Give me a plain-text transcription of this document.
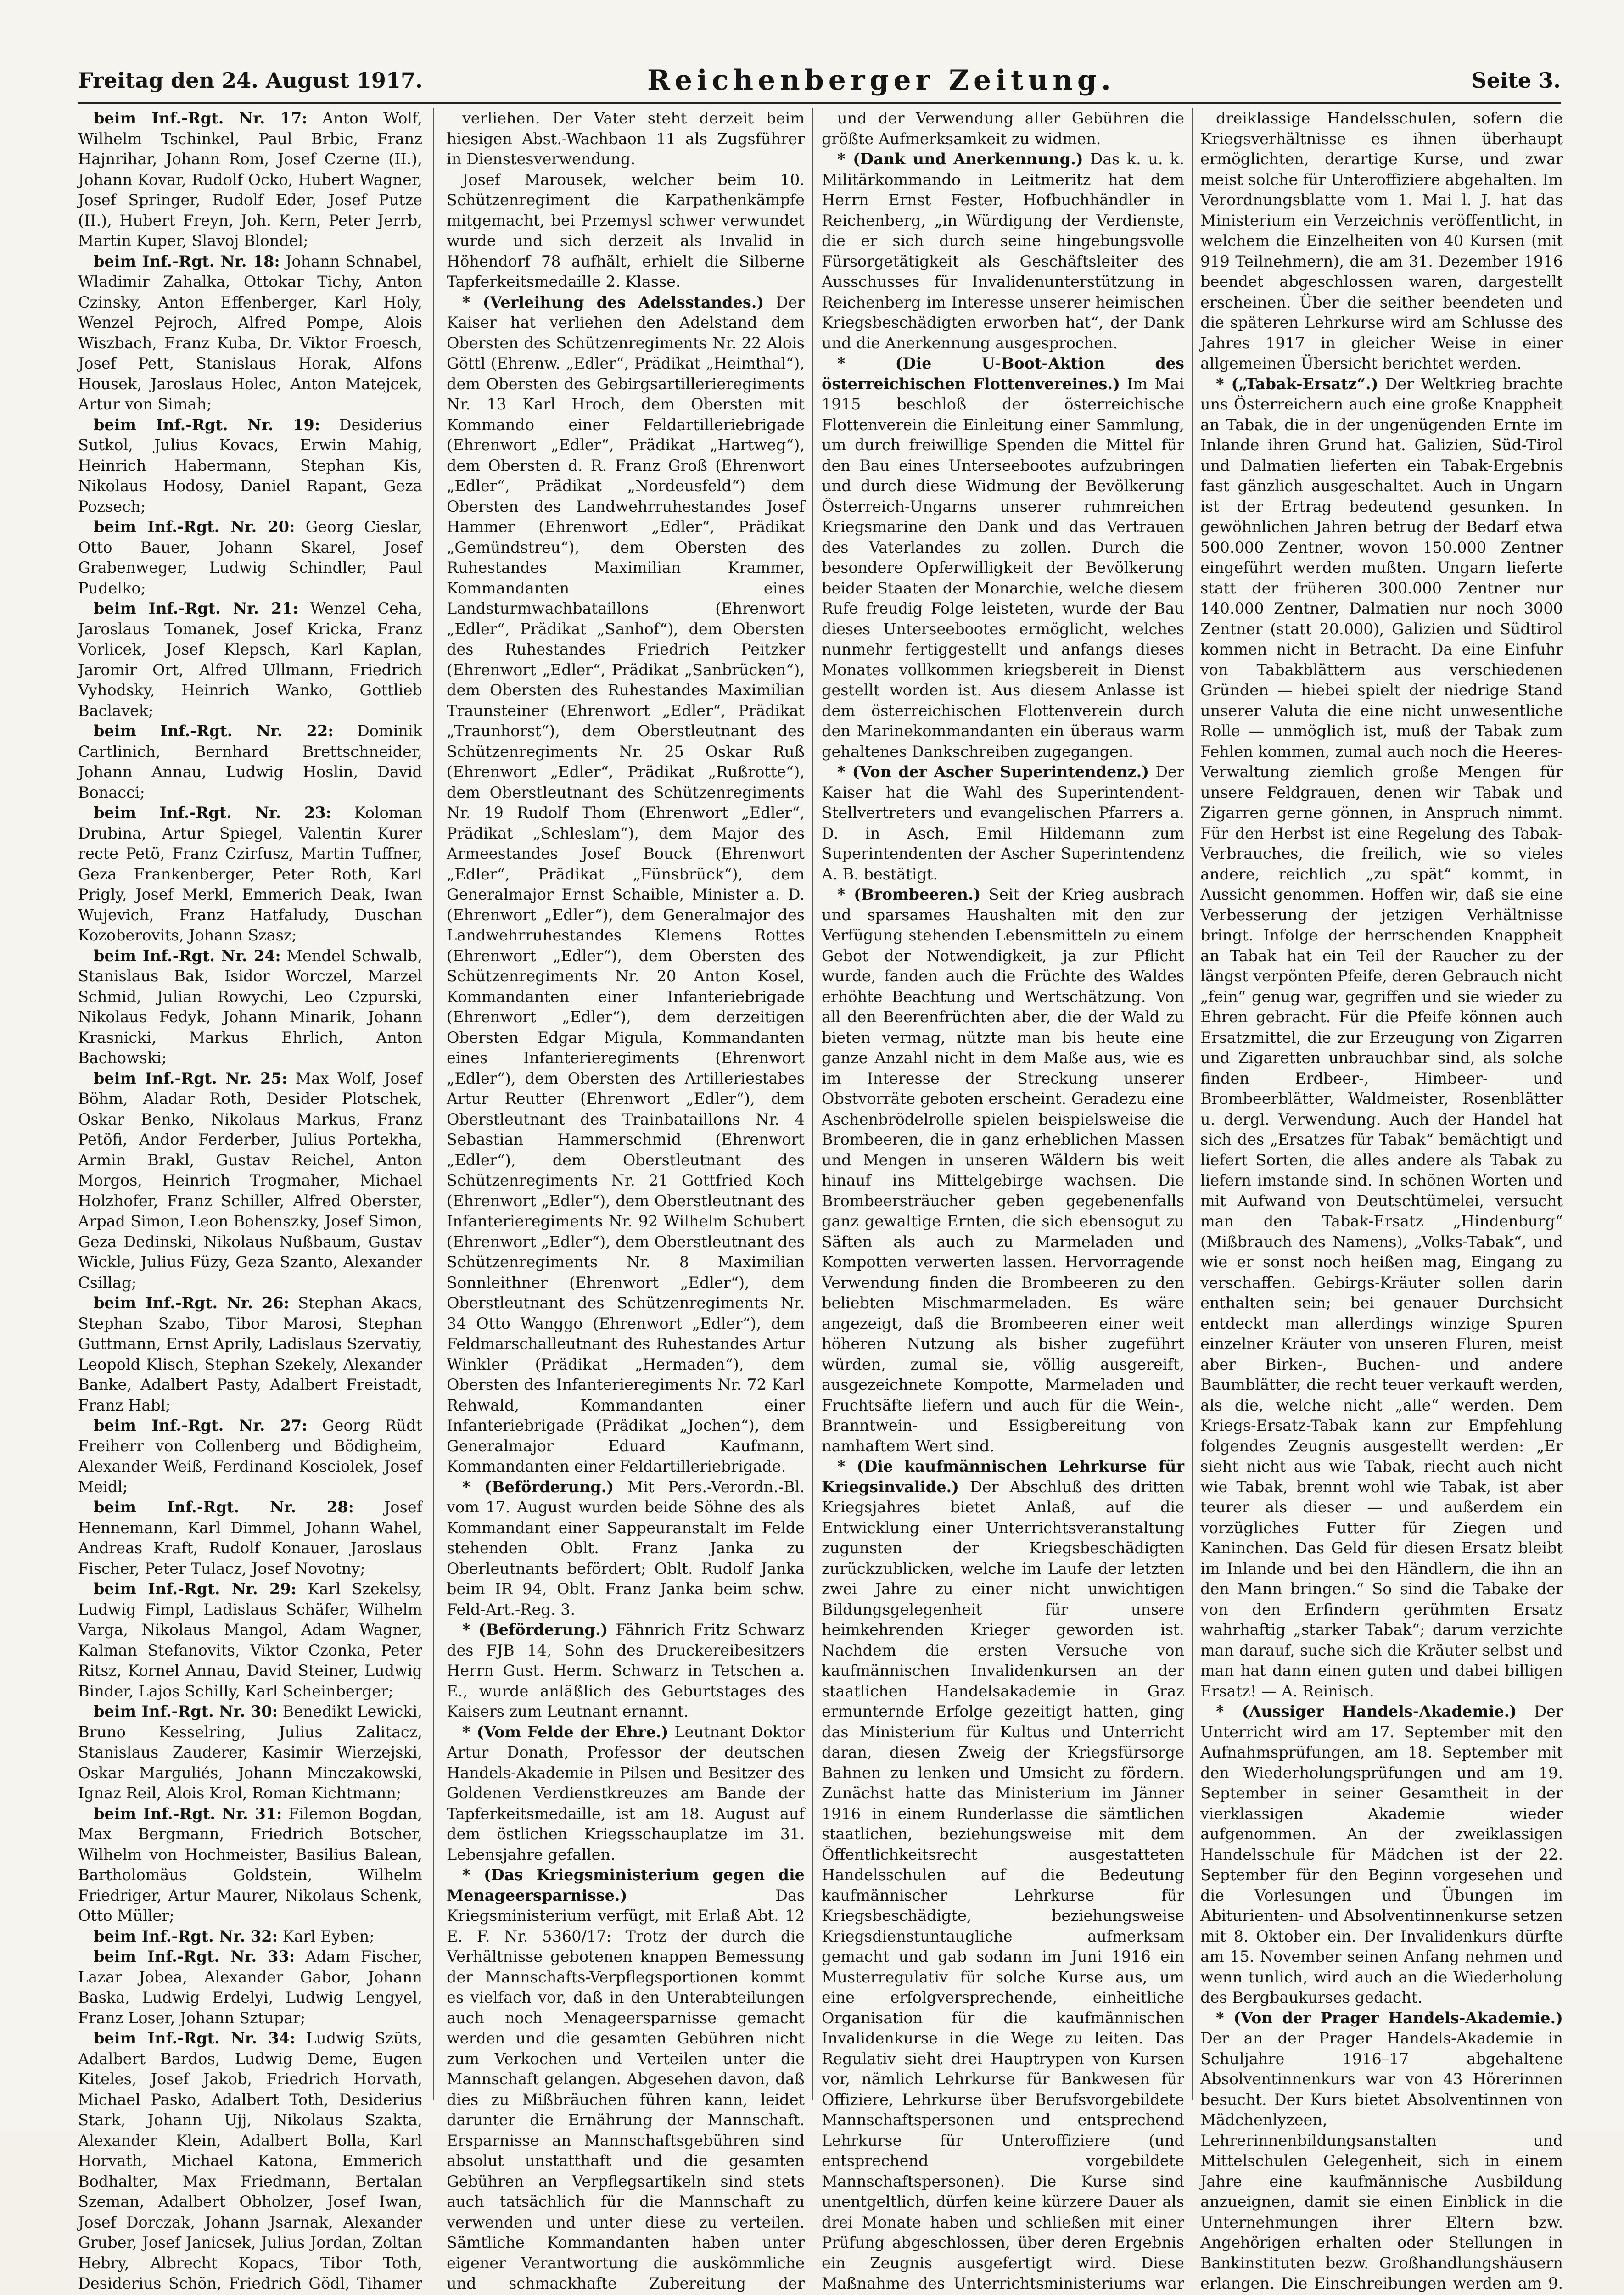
Freitag den 24. August 1917.	Reichenberger Zeitung.	Seite 3.

beim Inf.-Rgt. Nr. 17: Anton Wolf, Wilhelm Tschinkel, Paul Brbic, Franz Hajnrihar, Johann Rom, Josef Czerne (II.), Johann Kovar, Rudolf Ocko, Hubert Wagner, Josef Springer, Rudolf Eder, Josef Putze (II.), Hubert Freyn, Joh. Kern, Peter Jerrb, Martin Kuper, Slavoj Blondel;

beim Inf.-Rgt. Nr. 18: Johann Schnabel, Wladimir Zahalka, Ottokar Tichy, Anton Czinsky, Anton Effenberger, Karl Holy, Wenzel Pejroch, Alfred Pompe, Alois Wiszbach, Franz Kuba, Dr. Viktor Froesch, Josef Pett, Stanislaus Horak, Alfons Housek, Jaroslaus Holec, Anton Matejcek, Artur von Simah;

beim Inf.-Rgt. Nr. 19: Desiderius Sutkol, Julius Kovacs, Erwin Mahig, Heinrich Habermann, Stephan Kis, Nikolaus Hodosy, Daniel Rapant, Geza Pozsech;

beim Inf.-Rgt. Nr. 20: Georg Cieslar, Otto Bauer, Johann Skarel, Josef Grabenweger, Ludwig Schindler, Paul Pudelko;

beim Inf.-Rgt. Nr. 21: Wenzel Ceha, Jaroslaus Tomanek, Josef Kricka, Franz Vorlicek, Josef Klepsch, Karl Kaplan, Jaromir Ort, Alfred Ullmann, Friedrich Vyhodsky, Heinrich Wanko, Gottlieb Baclavek;

beim Inf.-Rgt. Nr. 22: Dominik Cartlinich, Bernhard Brettschneider, Johann Annau, Ludwig Hoslin, David Bonacci;

beim Inf.-Rgt. Nr. 23: Koloman Drubina, Artur Spiegel, Valentin Kurer recte Petö, Franz Czirfusz, Martin Tuffner, Geza Frankenberger, Peter Roth, Karl Prigly, Josef Merkl, Emmerich Deak, Iwan Wujevich, Franz Hatfaludy, Duschan Kozoberovits, Johann Szasz;

beim Inf.-Rgt. Nr. 24: Mendel Schwalb, Stanislaus Bak, Isidor Worczel, Marzel Schmid, Julian Rowychi, Leo Czpurski, Nikolaus Fedyk, Johann Minarik, Johann Krasnicki, Markus Ehrlich, Anton Bachowski;

beim Inf.-Rgt. Nr. 25: Max Wolf, Josef Böhm, Aladar Roth, Desider Plotschek, Oskar Benko, Nikolaus Markus, Franz Petöfi, Andor Ferderber, Julius Portekha, Armin Brakl, Gustav Reichel, Anton Morgos, Heinrich Trogmaher, Michael Holzhofer, Franz Schiller, Alfred Oberster, Arpad Simon, Leon Bohenszky, Josef Simon, Geza Dedinski, Nikolaus Nußbaum, Gustav Wickle, Julius Füzy, Geza Szanto, Alexander Csillag;

beim Inf.-Rgt. Nr. 26: Stephan Akacs, Stephan Szabo, Tibor Marosi, Stephan Guttmann, Ernst Aprily, Ladislaus Szervatiy, Leopold Klisch, Stephan Szekely, Alexander Banke, Adalbert Pasty, Adalbert Freistadt, Franz Habl;

beim Inf.-Rgt. Nr. 27: Georg Rüdt Freiherr von Collenberg und Bödigheim, Alexander Weiß, Ferdinand Kosciolek, Josef Meidl;

beim Inf.-Rgt. Nr. 28: Josef Hennemann, Karl Dimmel, Johann Wahel, Andreas Kraft, Rudolf Konauer, Jaroslaus Fischer, Peter Tulacz, Josef Novotny;

beim Inf.-Rgt. Nr. 29: Karl Szekelsy, Ludwig Fimpl, Ladislaus Schäfer, Wilhelm Varga, Nikolaus Mangol, Adam Wagner, Kalman Stefanovits, Viktor Czonka, Peter Ritsz, Kornel Annau, David Steiner, Ludwig Binder, Lajos Schilly, Karl Scheinberger;

beim Inf.-Rgt. Nr. 30: Benedikt Lewicki, Bruno Kesselring, Julius Zalitacz, Stanislaus Zauderer, Kasimir Wierzejski, Oskar Marguliés, Johann Minczakowski, Ignaz Reil, Alois Krol, Roman Kichtmann;

beim Inf.-Rgt. Nr. 31: Filemon Bogdan, Max Bergmann, Friedrich Botscher, Wilhelm von Hochmeister, Basilius Balean, Bartholomäus Goldstein, Wilhelm Friedriger, Artur Maurer, Nikolaus Schenk, Otto Müller;

beim Inf.-Rgt. Nr. 32: Karl Eyben;

beim Inf.-Rgt. Nr. 33: Adam Fischer, Lazar Jobea, Alexander Gabor, Johann Baska, Ludwig Erdelyi, Ludwig Lengyel, Franz Loser, Johann Sztupar;

beim Inf.-Rgt. Nr. 34: Ludwig Szüts, Adalbert Bardos, Ludwig Deme, Eugen Kiteles, Josef Jakob, Friedrich Horvath, Michael Pasko, Adalbert Toth, Desiderius Stark, Johann Ujj, Nikolaus Szakta, Alexander Klein, Adalbert Bolla, Karl Horvath, Michael Katona, Emmerich Bodhalter, Max Friedmann, Bertalan Szeman, Adalbert Obholzer, Josef Iwan, Josef Dorczak, Johann Jsarnak, Alexander Gruber, Josef Janicsek, Julius Jordan, Zoltan Hebry, Albrecht Kopacs, Tibor Toth, Desiderius Schön, Friedrich Gödl, Tihamer

verliehen. Der Vater steht derzeit beim hiesigen Abst.-Wachbaon 11 als Zugsführer in Dienstesverwendung.

Josef Marousek, welcher beim 10. Schützenregiment die Karpathenkämpfe mitgemacht, bei Przemysl schwer verwundet wurde und sich derzeit als Invalid in Höhendorf 78 aufhält, erhielt die Silberne Tapferkeitsmedaille 2. Klasse.

* (Verleihung des Adelsstandes.) Der Kaiser hat verliehen den Adelstand dem Obersten des Schützenregiments Nr. 22 Alois Göttl (Ehrenw. „Edler“, Prädikat „Heimthal“), dem Obersten des Gebirgsartillerieregiments Nr. 13 Karl Hroch, dem Obersten mit Kommando einer Feldartilleriebrigade (Ehrenwort „Edler“, Prädikat „Hartweg“), dem Obersten d. R. Franz Groß (Ehrenwort „Edler“, Prädikat „Nordeusfeld“) dem Obersten des Landwehrruhestandes Josef Hammer (Ehrenwort „Edler“, Prädikat „Gemündstreu“), dem Obersten des Ruhestandes Maximilian Krammer, Kommandanten eines Landsturmwachbataillons (Ehrenwort „Edler“, Prädikat „Sanhof“), dem Obersten des Ruhestandes Friedrich Peitzker (Ehrenwort „Edler“, Prädikat „Sanbrücken“), dem Obersten des Ruhestandes Maximilian Traunsteiner (Ehrenwort „Edler“, Prädikat „Traunhorst“), dem Oberstleutnant des Schützenregiments Nr. 25 Oskar Ruß (Ehrenwort „Edler“, Prädikat „Rußrotte“), dem Oberstleutnant des Schützenregiments Nr. 19 Rudolf Thom (Ehrenwort „Edler“, Prädikat „Schleslam“), dem Major des Armeestandes Josef Bouck (Ehrenwort „Edler“, Prädikat „Fünsbrück“), dem Generalmajor Ernst Schaible, Minister a. D. (Ehrenwort „Edler“), dem Generalmajor des Landwehrruhestandes Klemens Rottes (Ehrenwort „Edler“), dem Obersten des Schützenregiments Nr. 20 Anton Kosel, Kommandanten einer Infanteriebrigade (Ehrenwort „Edler“), dem derzeitigen Obersten Edgar Migula, Kommandanten eines Infanterieregiments (Ehrenwort „Edler“), dem Obersten des Artilleriestabes Artur Reutter (Ehrenwort „Edler“), dem Oberstleutnant des Trainbataillons Nr. 4 Sebastian Hammerschmid (Ehrenwort „Edler“), dem Oberstleutnant des Schützenregiments Nr. 21 Gottfried Koch (Ehrenwort „Edler“), dem Oberstleutnant des Infanterieregiments Nr. 92 Wilhelm Schubert (Ehrenwort „Edler“), dem Oberstleutnant des Schützenregiments Nr. 8 Maximilian Sonnleithner (Ehrenwort „Edler“), dem Oberstleutnant des Schützenregiments Nr. 34 Otto Wanggo (Ehrenwort „Edler“), dem Feldmarschalleutnant des Ruhestandes Artur Winkler (Prädikat „Hermaden“), dem Obersten des Infanterieregiments Nr. 72 Karl Rehwald, Kommandanten einer Infanteriebrigade (Prädikat „Jochen“), dem Generalmajor Eduard Kaufmann, Kommandanten einer Feldartilleriebrigade.

* (Beförderung.) Mit Pers.-Verordn.-Bl. vom 17. August wurden beide Söhne des als Kommandant einer Sappeuranstalt im Felde stehenden Oblt. Franz Janka zu Oberleutnants befördert; Oblt. Rudolf Janka beim IR 94, Oblt. Franz Janka beim schw. Feld-Art.-Reg. 3.

* (Beförderung.) Fähnrich Fritz Schwarz des FJB 14, Sohn des Druckereibesitzers Herrn Gust. Herm. Schwarz in Tetschen a. E., wurde anläßlich des Geburtstages des Kaisers zum Leutnant ernannt.

* (Vom Felde der Ehre.) Leutnant Doktor Artur Donath, Professor der deutschen Handels-Akademie in Pilsen und Besitzer des Goldenen Verdienstkreuzes am Bande der Tapferkeitsmedaille, ist am 18. August auf dem östlichen Kriegsschauplatze im 31. Lebensjahre gefallen.

* (Das Kriegsministerium gegen die Menageersparnisse.)	Das Kriegsministerium verfügt, mit Erlaß Abt. 12 E. F. Nr. 5360/17: Trotz der durch die Verhältnisse gebotenen knappen Bemessung der Mannschafts-Verpflegsportionen kommt es vielfach vor, daß in den Unterabteilungen auch noch Menageersparnisse gemacht werden und die gesamten Gebühren nicht zum Verkochen und Verteilen unter die Mannschaft gelangen. Abgesehen davon, daß dies zu Mißbräuchen führen kann, leidet darunter die Ernährung der Mannschaft. Ersparnisse an Mannschaftsgebühren sind absolut unstatthaft und die gesamten Gebühren an Verpflegsartikeln sind stets auch tatsächlich für die Mannschaft zu verwenden und unter diese zu verteilen. Sämtliche Kommandanten haben unter eigener Verantwortung die auskömmliche und schmackhafte Zubereitung der

und der Verwendung aller Gebühren die größte Aufmerksamkeit zu widmen.

* (Dank und Anerkennung.) Das k. u. k. Militärkommando in Leitmeritz hat dem Herrn Ernst Fester, Hofbuchhändler in Reichenberg, „in Würdigung der Verdienste, die er sich durch seine hingebungsvolle Fürsorgetätigkeit als Geschäftsleiter des Ausschusses für Invalidenunterstützung in Reichenberg im Interesse unserer heimischen Kriegsbeschädigten erworben hat“, der Dank und die Anerkennung ausgesprochen.

* (Die U-Boot-Aktion des österreichischen Flottenvereines.) Im Mai 1915 beschloß der österreichische Flottenverein die Einleitung einer Sammlung, um durch freiwillige Spenden die Mittel für den Bau eines Unterseebootes aufzubringen und durch diese Widmung der Bevölkerung Österreich-Ungarns unserer ruhmreichen Kriegsmarine den Dank und das Vertrauen des Vaterlandes zu zollen. Durch die besondere Opferwilligkeit der Bevölkerung beider Staaten der Monarchie, welche diesem Rufe freudig Folge leisteten, wurde der Bau dieses Unterseebootes ermöglicht, welches nunmehr fertiggestellt und anfangs dieses Monates vollkommen kriegsbereit in Dienst gestellt worden ist. Aus diesem Anlasse ist dem österreichischen Flottenverein durch den Marinekommandanten ein überaus warm gehaltenes Dankschreiben zugegangen.

* (Von der Ascher Superintendenz.) Der Kaiser hat die Wahl des Superintendent-Stellvertreters und evangelischen Pfarrers a. D. in Asch, Emil Hildemann zum Superintendenten der Ascher Superintendenz A. B. bestätigt.

* (Brombeeren.) Seit der Krieg ausbrach und sparsames Haushalten mit den zur Verfügung stehenden Lebensmitteln zu einem Gebot der Notwendigkeit, ja zur Pflicht wurde, fanden auch die Früchte des Waldes erhöhte Beachtung und Wertschätzung. Von all den Beerenfrüchten aber, die der Wald zu bieten vermag, nützte man bis heute eine ganze Anzahl nicht in dem Maße aus, wie es im Interesse der Streckung unserer Obstvorräte geboten erscheint. Geradezu eine Aschenbrödelrolle spielen beispielsweise die Brombeeren, die in ganz erheblichen Massen und Mengen in unseren Wäldern bis weit hinauf ins Mittelgebirge wachsen. Die Brombeersträucher geben gegebenenfalls ganz gewaltige Ernten, die sich ebensogut zu Säften als auch zu Marmeladen und Kompotten verwerten lassen. Hervorragende Verwendung finden die Brombeeren zu den beliebten Mischmarmeladen. Es wäre angezeigt, daß die Brombeeren einer weit höheren Nutzung als bisher zugeführt würden, zumal sie, völlig ausgereift, ausgezeichnete Kompotte, Marmeladen und Fruchtsäfte liefern und auch für die Wein-, Branntwein- und Essigbereitung von namhaftem Wert sind.

* (Die kaufmännischen Lehrkurse für Kriegsinvalide.) Der Abschluß des dritten Kriegsjahres bietet Anlaß, auf die Entwicklung einer Unterrichtsveranstaltung zugunsten der Kriegsbeschädigten zurückzublicken, welche im Laufe der letzten zwei Jahre zu einer nicht unwichtigen Bildungsgelegenheit für unsere heimkehrenden Krieger geworden ist. Nachdem die ersten Versuche von kaufmännischen Invalidenkursen an der staatlichen Handelsakademie in Graz ermunternde Erfolge gezeitigt hatten, ging das Ministerium für Kultus und Unterricht daran, diesen Zweig der Kriegsfürsorge Bahnen zu lenken und Umsicht zu fördern. Zunächst hatte das Ministerium im Jänner 1916 in einem Runderlasse die sämtlichen staatlichen, beziehungsweise mit dem Öffentlichkeitsrecht ausgestatteten Handelsschulen auf die Bedeutung kaufmännischer Lehrkurse für Kriegsbeschädigte, beziehungsweise Kriegsdienstuntaugliche aufmerksam gemacht und gab sodann im Juni 1916 ein Musterregulativ für solche Kurse aus, um eine erfolgversprechende, einheitliche Organisation für die kaufmännischen Invalidenkurse in die Wege zu leiten. Das Regulativ sieht drei Hauptrypen von Kursen vor, nämlich Lehrkurse für Bankwesen für Offiziere, Lehrkurse über Berufsvorgebildete Mannschaftspersonen und entsprechend Lehrkurse für Unteroffiziere (und entsprechend vorgebildete Mannschaftspersonen). Die Kurse sind unentgeltlich, dürfen keine kürzere Dauer als drei Monate haben und schließen mit einer Prüfung abgeschlossen, über deren Ergebnis ein Zeugnis ausgefertigt wird. Diese Maßnahme des Unterrichtsministeriums war

dreiklassige Handelsschulen, sofern die Kriegsverhältnisse es ihnen überhaupt ermöglichten, derartige Kurse, und zwar meist solche für Unteroffiziere abgehalten. Im Verordnungsblatte vom 1. Mai l. J. hat das Ministerium ein Verzeichnis veröffentlicht, in welchem die Einzelheiten von 40 Kursen (mit 919 Teilnehmern), die am 31. Dezember 1916 beendet abgeschlossen waren, dargestellt erscheinen. Über die seither beendeten und die späteren Lehrkurse wird am Schlusse des Jahres 1917 in gleicher Weise in einer allgemeinen Übersicht berichtet werden.

* („Tabak-Ersatz“.) Der Weltkrieg brachte uns Österreichern auch eine große Knappheit an Tabak, die in der ungenügenden Ernte im Inlande ihren Grund hat. Galizien, Süd-Tirol und Dalmatien lieferten ein Tabak-Ergebnis fast gänzlich ausgeschaltet. Auch in Ungarn ist der Ertrag bedeutend gesunken. In gewöhnlichen Jahren betrug der Bedarf etwa 500.000 Zentner, wovon 150.000 Zentner eingeführt werden mußten. Ungarn lieferte statt der früheren 300.000 Zentner nur 140.000 Zentner, Dalmatien nur noch 3000 Zentner (statt 20.000), Galizien und Südtirol kommen nicht in Betracht. Da eine Einfuhr von Tabakblättern aus verschiedenen Gründen — hiebei spielt der niedrige Stand unserer Valuta die eine nicht unwesentliche Rolle — unmöglich ist, muß der Tabak zum Fehlen kommen, zumal auch noch die Heeres-Verwaltung ziemlich große Mengen für unsere Feldgrauen, denen wir Tabak und Zigarren gerne gönnen, in Anspruch nimmt. Für den Herbst ist eine Regelung des Tabak-Verbrauches, die freilich, wie so vieles andere, reichlich „zu spät“ kommt, in Aussicht genommen. Hoffen wir, daß sie eine Verbesserung der jetzigen Verhältnisse bringt. Infolge der herrschenden Knappheit an Tabak hat ein Teil der Raucher zu der längst verpönten Pfeife, deren Gebrauch nicht „fein“ genug war, gegriffen und sie wieder zu Ehren gebracht. Für die Pfeife können auch Ersatzmittel, die zur Erzeugung von Zigarren und Zigaretten unbrauchbar sind, als solche finden Erdbeer-, Himbeer- und Brombeerblätter, Waldmeister, Rosenblätter u. dergl. Verwendung. Auch der Handel hat sich des „Ersatzes für Tabak“ bemächtigt und liefert Sorten, die alles andere als Tabak zu liefern imstande sind. In schönen Worten und mit Aufwand von Deutschtümelei, versucht man den Tabak-Ersatz „Hindenburg“ (Mißbrauch des Namens), „Volks-Tabak“, und wie er sonst noch heißen mag, Eingang zu verschaffen. Gebirgs-Kräuter sollen darin enthalten sein; bei genauer Durchsicht entdeckt man allerdings winzige Spuren einzelner Kräuter von unseren Fluren, meist aber Birken-, Buchen- und andere Baumblätter, die recht teuer verkauft werden, als die, welche nicht „alle“ werden. Dem Kriegs-Ersatz-Tabak kann zur Empfehlung folgendes Zeugnis ausgestellt werden: „Er sieht nicht aus wie Tabak, riecht auch nicht wie Tabak, brennt wohl wie Tabak, ist aber teurer als dieser — und außerdem ein vorzügliches Futter für Ziegen und Kaninchen. Das Geld für diesen Ersatz bleibt im Inlande und bei den Händlern, die ihn an den Mann bringen.“ So sind die Tabake der von den Erfindern gerühmten Ersatz wahrhaftig „starker Tabak“; darum verzichte man darauf, suche sich die Kräuter selbst und man hat dann einen guten und dabei billigen Ersatz! — A. Reinisch.

* (Aussiger Handels-Akademie.) Der Unterricht wird am 17. September mit den Aufnahmsprüfungen, am 18. September mit den Wiederholungsprüfungen und am 19. September in seiner Gesamtheit in der vierklassigen Akademie wieder aufgenommen. An der zweiklassigen Handelsschule für Mädchen ist der 22. September für den Beginn vorgesehen und die Vorlesungen und Übungen im Abiturienten- und Absolventinnenkurse setzen mit 8. Oktober ein. Der Invalidenkurs dürfte am 15. November seinen Anfang nehmen und wenn tunlich, wird auch an die Wiederholung des Bergbaukurses gedacht.

* (Von der Prager Handels-Akademie.) Der an der Prager Handels-Akademie in Schuljahre 1916–17 abgehaltene Absolventinnenkurs war von 43 Hörerinnen besucht. Der Kurs bietet Absolventinnen von Mädchenlyzeen, Lehrerinnenbildungsanstalten und Mittelschulen Gelegenheit, sich in einem Jahre eine kaufmännische Ausbildung anzueignen, damit sie einen Einblick in die Unternehmungen ihrer Eltern bzw. Angehörigen erhalten oder Stellungen in Bankinstituten bezw. Großhandlungshäusern erlangen. Die Einschreibungen werden am 9.
